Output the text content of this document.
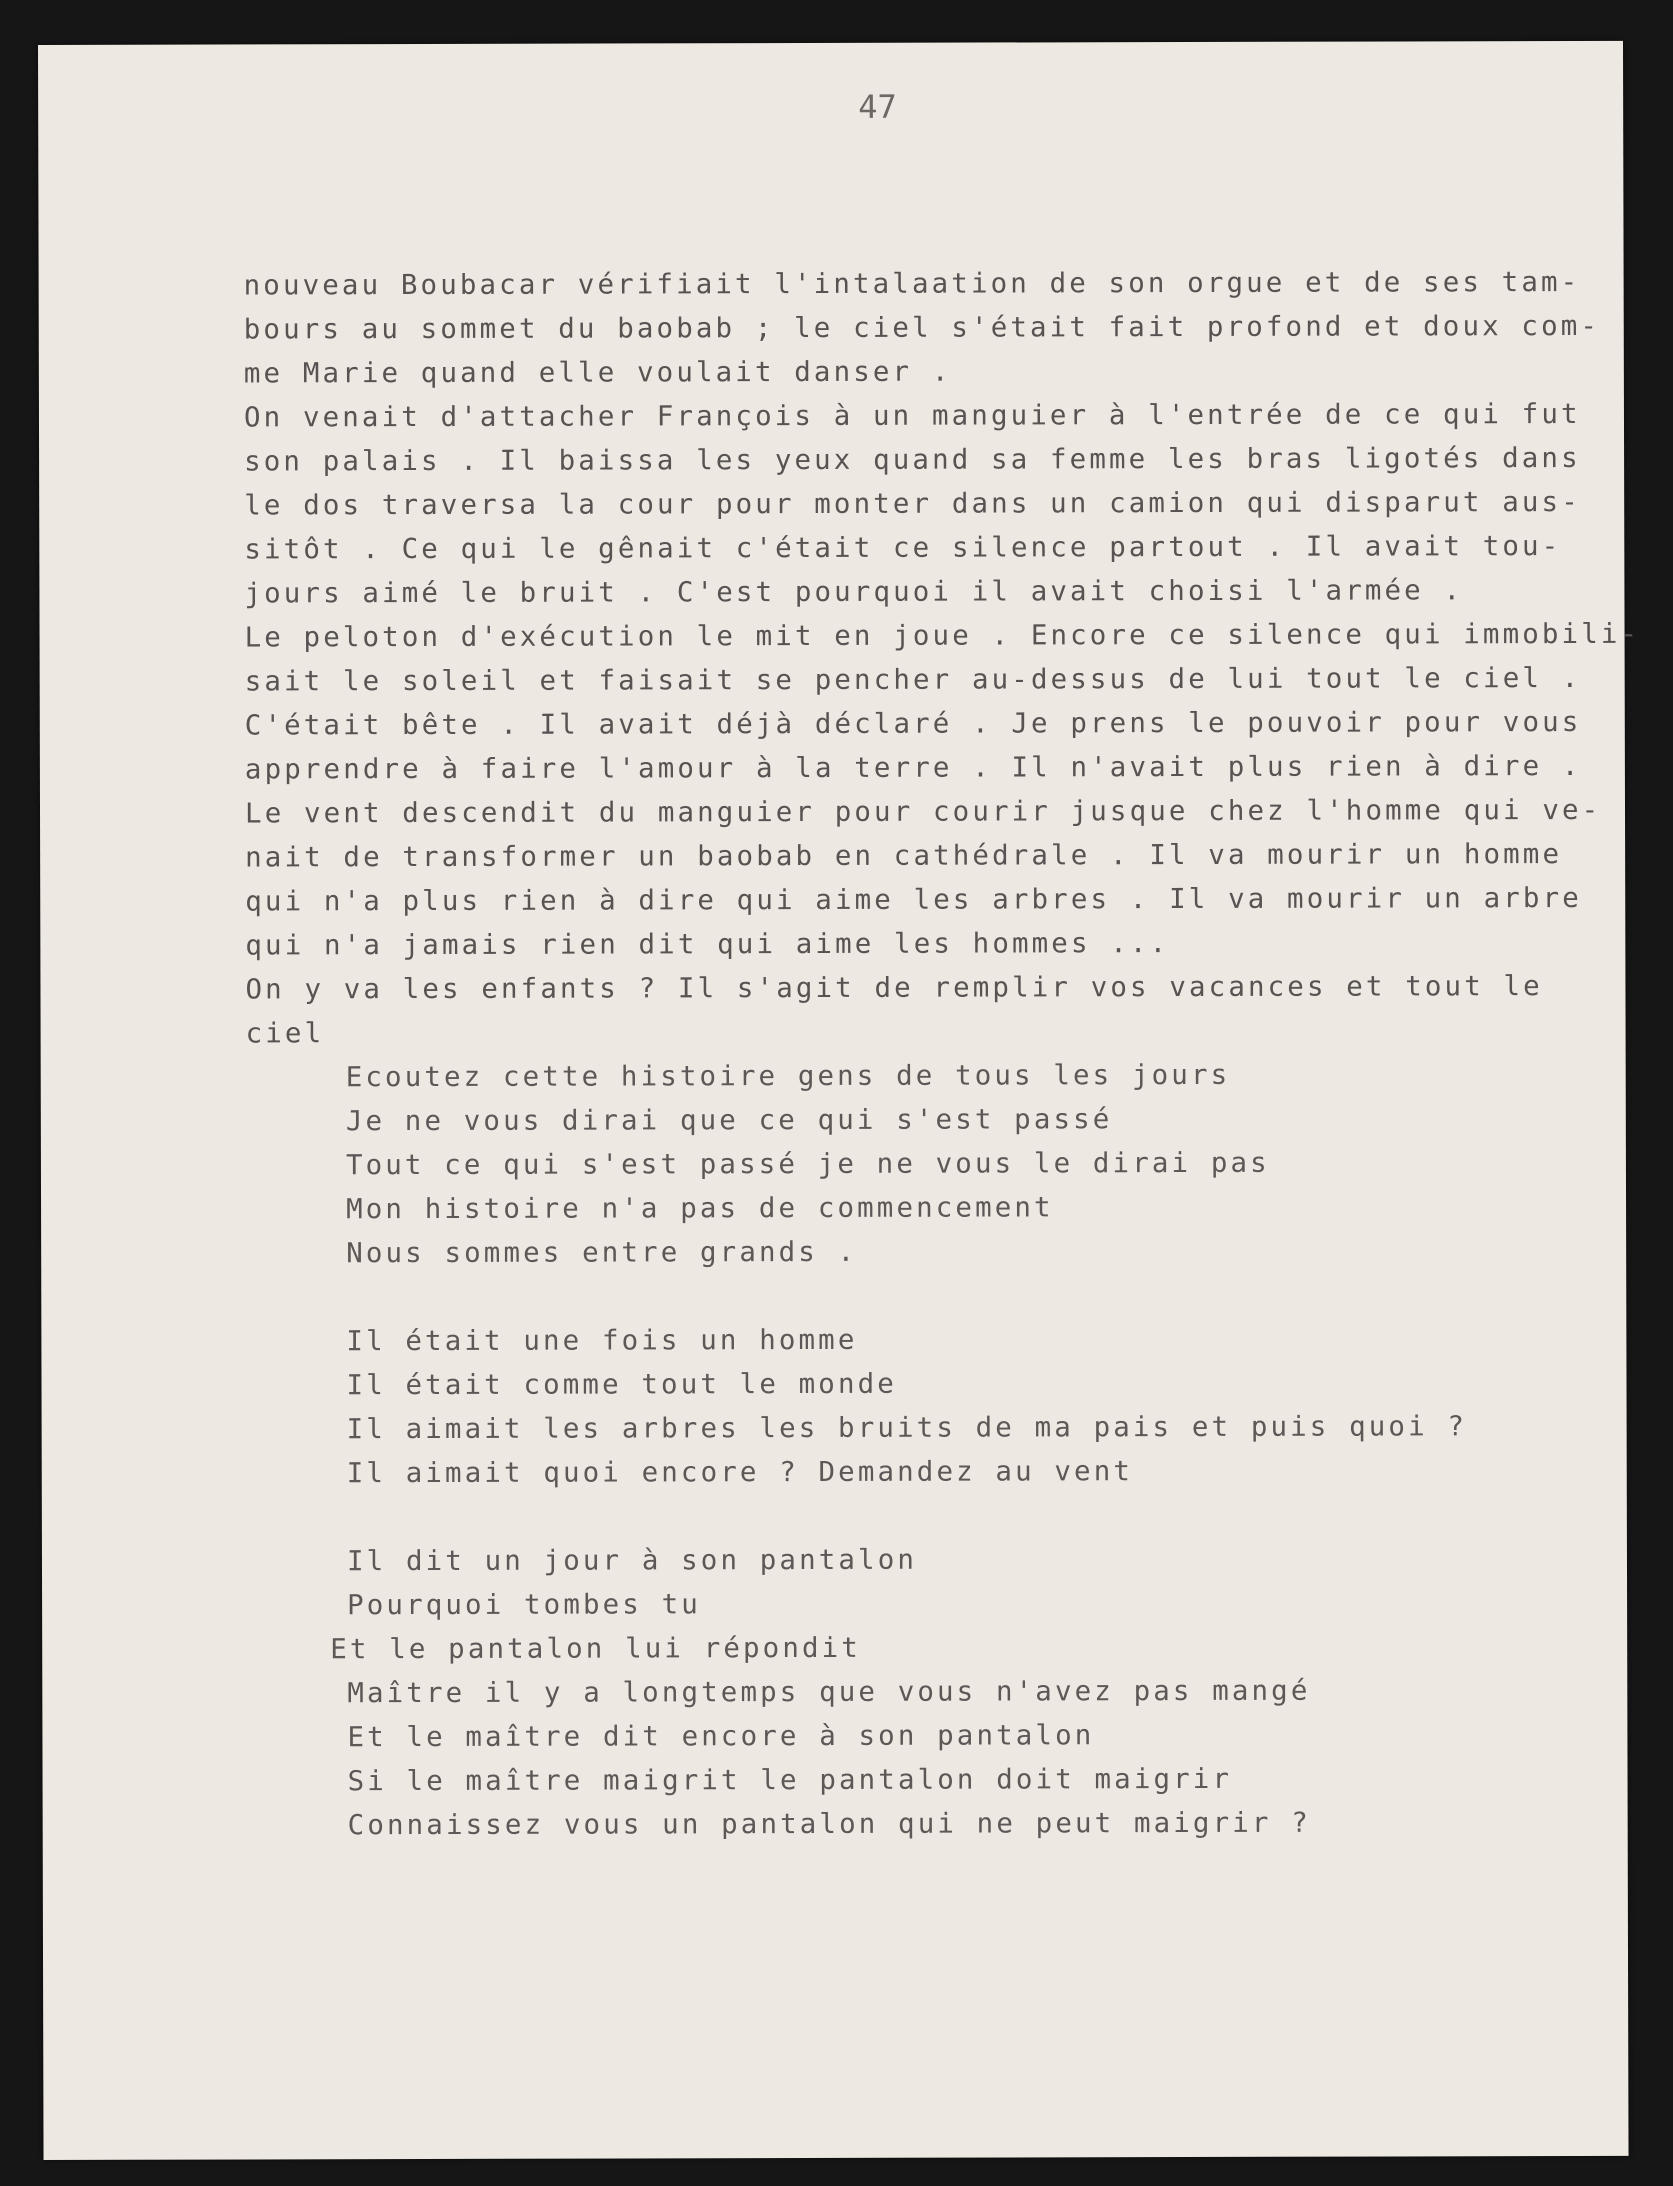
47
nouveau Boubacar vérifiait l'intalaation de son orgue et de ses tam-
bours au sommet du baobab ; le ciel s'était fait profond et doux com-
me Marie quand elle voulait danser .
On venait d'attacher François à un manguier à l'entrée de ce qui fut
son palais . Il baissa les yeux quand sa femme les bras ligotés dans
le dos traversa la cour pour monter dans un camion qui disparut aus-
sitôt . Ce qui le gênait c'était ce silence partout . Il avait tou-
jours aimé le bruit . C'est pourquoi il avait choisi l'armée .
Le peloton d'exécution le mit en joue . Encore ce silence qui immobili-
sait le soleil et faisait se pencher au-dessus de lui tout le ciel .
C'était bête . Il avait déjà déclaré . Je prens le pouvoir pour vous
apprendre à faire l'amour à la terre . Il n'avait plus rien à dire .
Le vent descendit du manguier pour courir jusque chez l'homme qui ve-
nait de transformer un baobab en cathédrale . Il va mourir un homme
qui n'a plus rien à dire qui aime les arbres . Il va mourir un arbre
qui n'a jamais rien dit qui aime les hommes ...
On y va les enfants ? Il s'agit de remplir vos vacances et tout le
ciel
Ecoutez cette histoire gens de tous les jours
Je ne vous dirai que ce qui s'est passé
Tout ce qui s'est passé je ne vous le dirai pas
Mon histoire n'a pas de commencement
Nous sommes entre grands .
Il était une fois un homme
Il était comme tout le monde
Il aimait les arbres les bruits de ma pais et puis quoi ?
Il aimait quoi encore ? Demandez au vent
Il dit un jour à son pantalon
Pourquoi tombes tu
Et le pantalon lui répondit
Maître il y a longtemps que vous n'avez pas mangé
Et le maître dit encore à son pantalon
Si le maître maigrit le pantalon doit maigrir
Connaissez vous un pantalon qui ne peut maigrir ?
